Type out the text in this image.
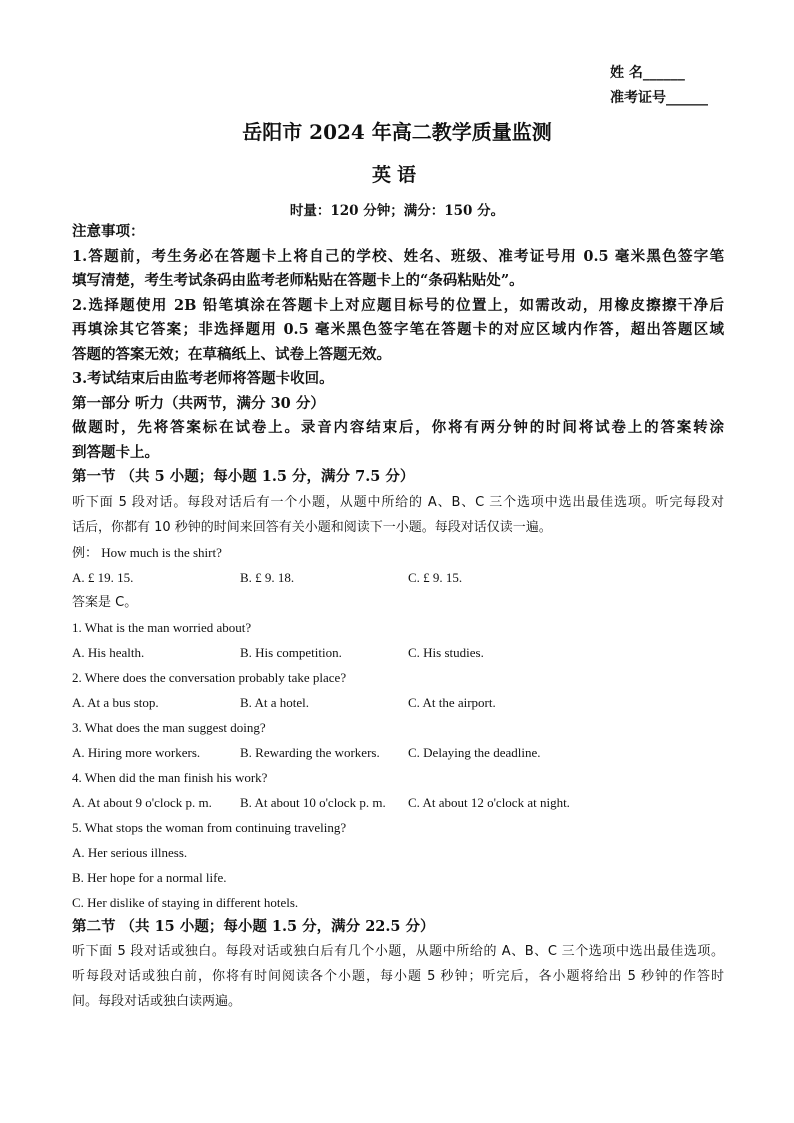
姓 名______
准考证号______
岳阳市 2024 年高二教学质量监测
英语
时量：120 分钟；满分：150 分。
注意事项：
1.答题前，考生务必在答题卡上将自己的学校、姓名、班级、准考证号用 0.5 毫米黑色签字笔
填写清楚，考生考试条码由监考老师粘贴在答题卡上的“条码粘贴处”。
2.选择题使用 2B 铅笔填涂在答题卡上对应题目标号的位置上，如需改动，用橡皮擦擦干净后
再填涂其它答案；非选择题用 0.5 毫米黑色签字笔在答题卡的对应区域内作答，超出答题区域
答题的答案无效；在草稿纸上、试卷上答题无效。
3.考试结束后由监考老师将答题卡收回。
第一部分 听力（共两节，满分 30 分）
做题时，先将答案标在试卷上。录音内容结束后，你将有两分钟的时间将试卷上的答案转涂
到答题卡上。
第一节 （共 5 小题；每小题 1.5 分，满分 7.5 分）
听下面 5 段对话。每段对话后有一个小题，从题中所给的 A、B、C 三个选项中选出最佳选项。听完每段对
话后，你都有 10 秒钟的时间来回答有关小题和阅读下一小题。每段对话仅读一遍。
例： How much is the shirt?
A. £ 19. 15.	B. £ 9. 18.	C. £ 9. 15.
答案是 C。
1. What is the man worried about?
A. His health.	B. His competition.	C. His studies.
2. Where does the conversation probably take place?
A. At a bus stop.	B. At a hotel.	C. At the airport.
3. What does the man suggest doing?
A. Hiring more workers.	B. Rewarding the workers. C. Delaying the deadline.
4. When did the man finish his work?
A. At about 9 o'clock p. m. B. At about 10 o'clock p. m. C. At about 12 o'clock at night.
5. What stops the woman from continuing traveling?
A. Her serious illness.
B. Her hope for a normal life.
C. Her dislike of staying in different hotels.
第二节 （共 15 小题；每小题 1.5 分，满分 22.5 分）
听下面 5 段对话或独白。每段对话或独白后有几个小题，从题中所给的 A、B、C 三个选项中选出最佳选项。
听每段对话或独白前，你将有时间阅读各个小题，每小题 5 秒钟；听完后，各小题将给出 5 秒钟的作答时
间。每段对话或独白读两遍。
